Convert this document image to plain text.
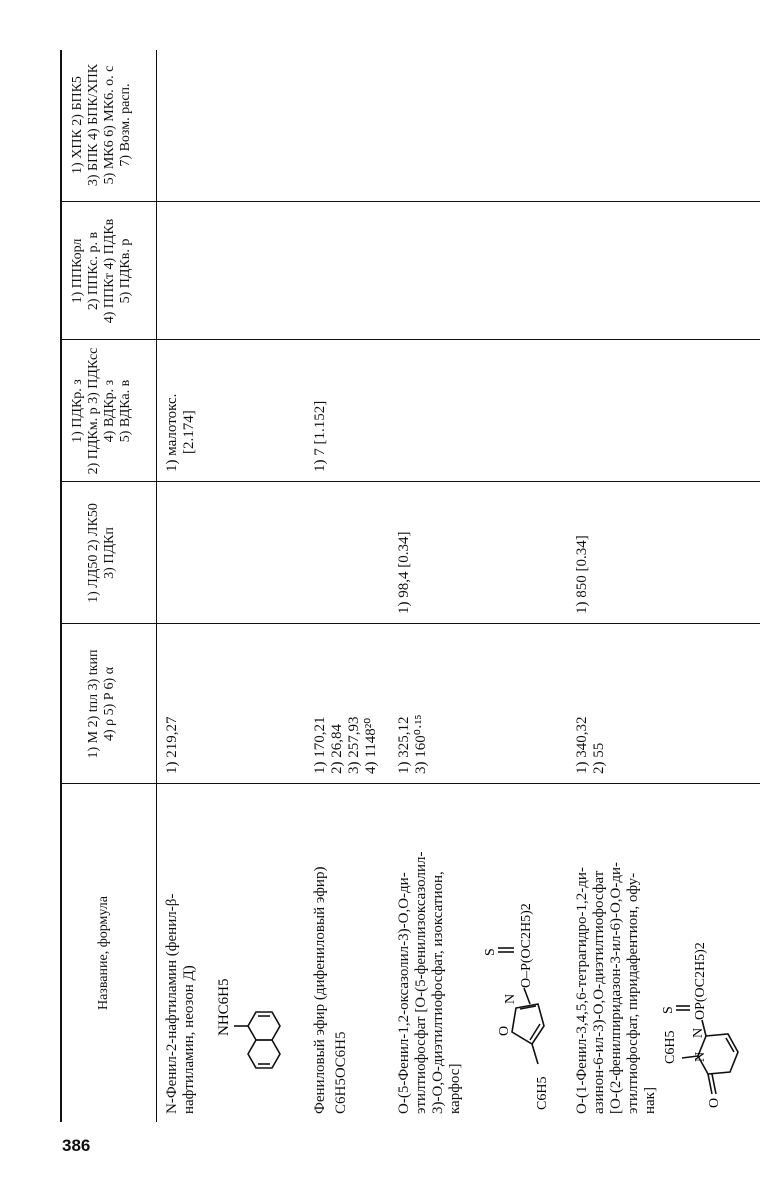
386
Название, формула
1) M 2) tпл 3) tкип 4) ρ 5) P 6) α
1) ЛД50 2) ЛК50 3) ПДКп
1) ПДКр. з 2) ПДКм. р 3) ПДКсс 4) ВДКр. з 5) ВДКа. в
1) ППКорл 2) ППКс. р. в 4) ППКт 4) ПДКв 5) ПДКв. р
1) ХПК 2) БПК5 3) БПК 4) БПК/ХПК 5) МК6 6) МК6. о. с 7) Возм. расп.
N-Фенил-2-нафтиламин (фенил-β- нафтиламин, неозон Д) NHC6H5
1) 219,27
1) малотокс. [2.174]
Фениловый эфир (дифениловый эфир) C6H5OC6H5
1) 170,21 2) 26,84 3) 257,93 4) 1148²⁰
1) 7 [1.152]
O-(5-Фенил-1,2-оксазолил-3)-O,O-ди- этилтиофосфат [O-(5-фенилизоксазолил- 3)-O,O-диэтилтиофосфат, изоксатион, карфос]	C6H5
O
N
S O–P(OC2H5)2
1) 325,12 3) 160⁰·¹⁵
1) 98,4 [0.34]
O-(1-Фенил-3,4,5,6-тетрагидро-1,2-ди- азинон-6-ил-3)-O,O-диэтилтиофосфат [O-(2-фенилпиридазон-3-ил-6)-O,O-ди- этилтиофосфат, пиридафентион, офу- нак]
C6H5 N
N
O
S OP(OC2H5)2
1) 340,32 2) 55
1) 850 [0.34]
